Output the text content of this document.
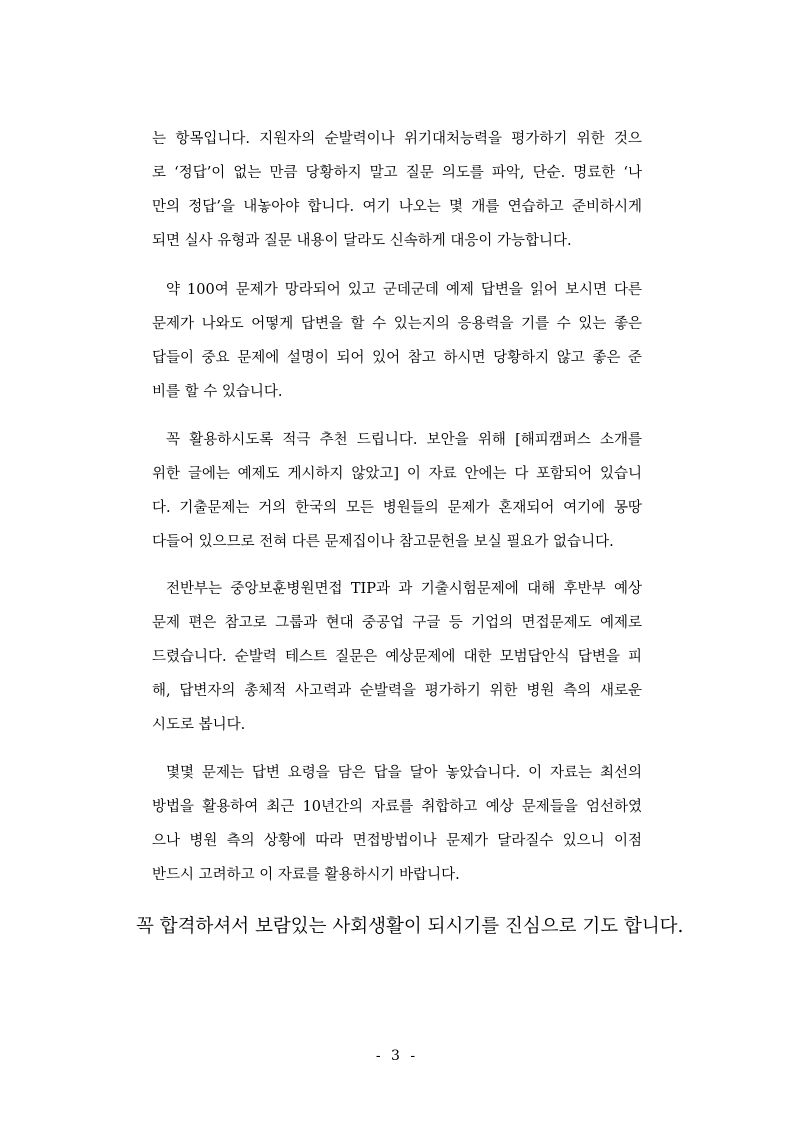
는 항목입니다. 지원자의 순발력이나 위기대처능력을 평가하기 위한 것으
로 ‘정답’이 없는 만큼 당황하지 말고 질문 의도를 파악, 단순. 명료한 ‘나
만의 정답’을 내놓아야 합니다. 여기 나오는 몇 개를 연습하고 준비하시게
되면 실사 유형과 질문 내용이 달라도 신속하게 대응이 가능합니다.
약 100여 문제가 망라되어 있고 군데군데 예제 답변을 읽어 보시면 다른
문제가 나와도 어떻게 답변을 할 수 있는지의 응용력을 기를 수 있는 좋은
답들이 중요 문제에 설명이 되어 있어 참고 하시면 당황하지 않고 좋은 준
비를 할 수 있습니다.
꼭 활용하시도록 적극 추천 드립니다. 보안을 위해 [해피캠퍼스 소개를
위한 글에는 예제도 게시하지 않았고] 이 자료 안에는 다 포함되어 있습니
다. 기출문제는 거의 한국의 모든 병원들의 문제가 혼재되어 여기에 몽땅
다들어 있으므로 전혀 다른 문제집이나 참고문헌을 보실 필요가 없습니다.
전반부는 중앙보훈병원면접 TIP과 과 기출시험문제에 대해 후반부 예상
문제 편은 참고로 그룹과 현대 중공업 구글 등 기업의 면접문제도 예제로
드렸습니다. 순발력 테스트 질문은 예상문제에 대한 모범답안식 답변을 피
해, 답변자의 총체적 사고력과 순발력을 평가하기 위한 병원 측의 새로운
시도로 봅니다.
몇몇 문제는 답변 요령을 담은 답을 달아 놓았습니다. 이 자료는 최선의
방법을 활용하여 최근 10년간의 자료를 취합하고 예상 문제들을 엄선하였
으나 병원 측의 상황에 따라 면접방법이나 문제가 달라질수 있으니 이점
반드시 고려하고 이 자료를 활용하시기 바랍니다.
꼭 합격하셔서 보람있는 사회생활이 되시기를 진심으로 기도 합니다.
- 3 -
